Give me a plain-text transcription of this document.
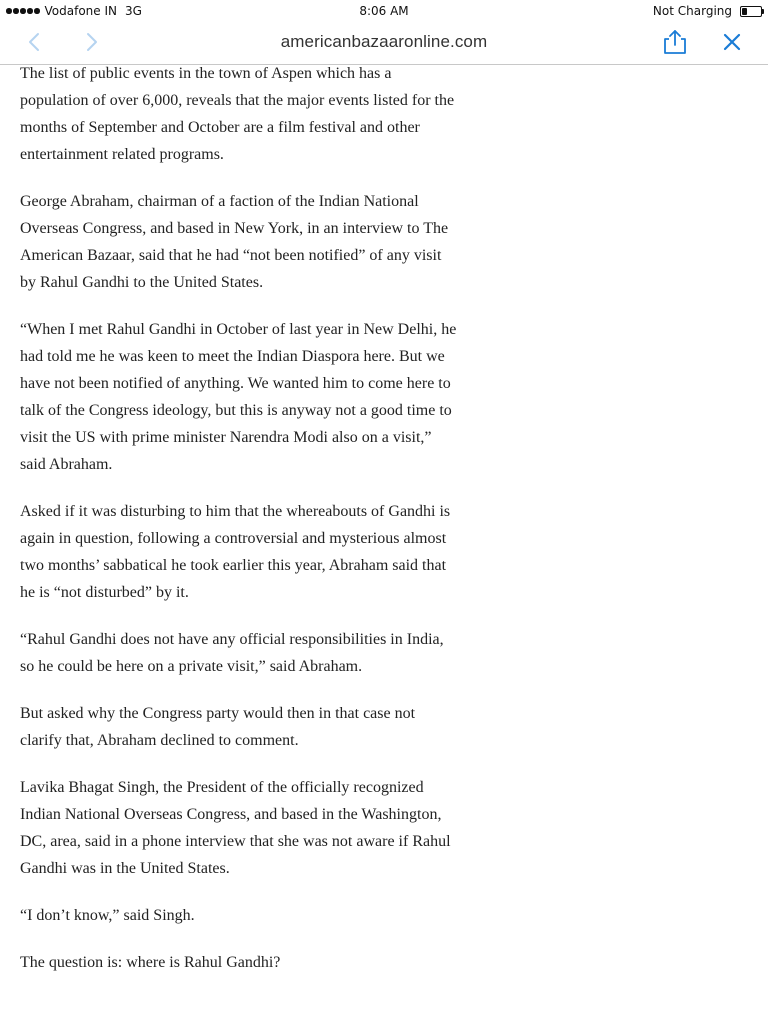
Vodafone IN 3G	8:06 AM	Not Charging
americanbazaaronline.com

The list of public events in the town of Aspen which has a population of over 6,000, reveals that the major events listed for the months of September and October are a film festival and other entertainment related programs.

George Abraham, chairman of a faction of the Indian National Overseas Congress, and based in New York, in an interview to The American Bazaar, said that he had “not been notified” of any visit by Rahul Gandhi to the United States.

“When I met Rahul Gandhi in October of last year in New Delhi, he had told me he was keen to meet the Indian Diaspora here. But we have not been notified of anything. We wanted him to come here to talk of the Congress ideology, but this is anyway not a good time to visit the US with prime minister Narendra Modi also on a visit,” said Abraham.

Asked if it was disturbing to him that the whereabouts of Gandhi is again in question, following a controversial and mysterious almost two months’ sabbatical he took earlier this year, Abraham said that he is “not disturbed” by it.

“Rahul Gandhi does not have any official responsibilities in India, so he could be here on a private visit,” said Abraham.

But asked why the Congress party would then in that case not clarify that, Abraham declined to comment.

Lavika Bhagat Singh, the President of the officially recognized Indian National Overseas Congress, and based in the Washington, DC, area, said in a phone interview that she was not aware if Rahul Gandhi was in the United States.

“I don’t know,” said Singh.

The question is: where is Rahul Gandhi?
